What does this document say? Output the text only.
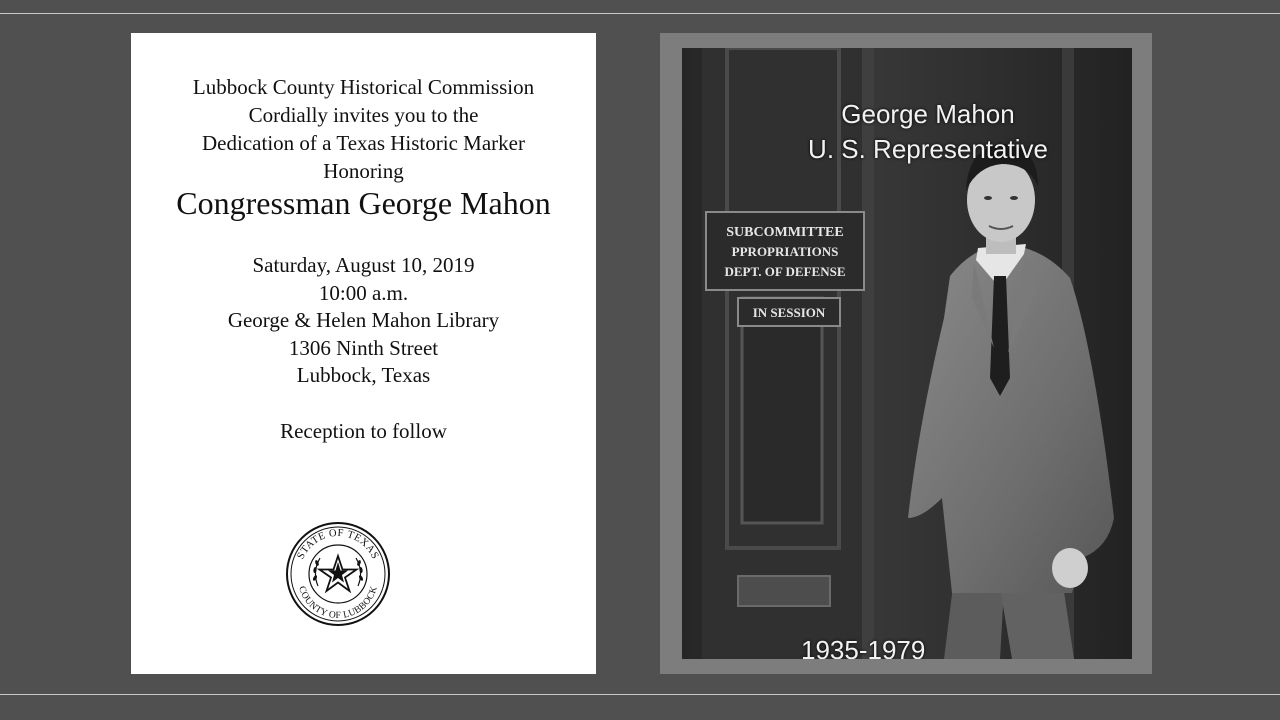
Lubbock County Historical Commission
Cordially invites you to the
Dedication of a Texas Historic Marker
Honoring
Congressman George Mahon
Saturday, August 10, 2019
10:00 a.m.
George & Helen Mahon Library
1306 Ninth Street
Lubbock, Texas
Reception to follow
STATE OF TEXAS
COUNTY OF LUBBOCK
SUBCOMMITTEE
PPROPRIATIONS
DEPT. OF DEFENSE
IN SESSION
George Mahon
U. S. Representative
1935-1979
